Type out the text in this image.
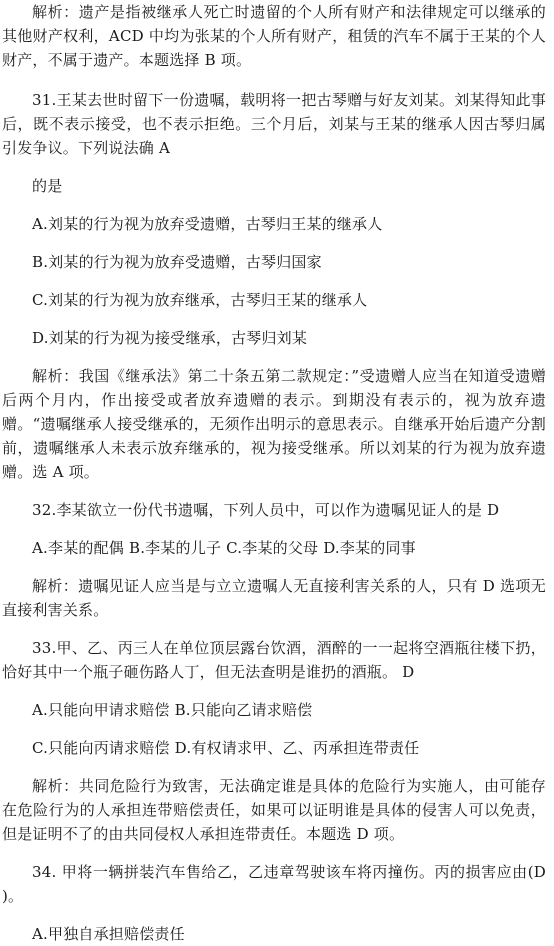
解析：遗产是指被继承人死亡时遗留的个人所有财产和法律规定可以继承的其他财产权利，ACD 中均为张某的个人所有财产，租赁的汽车不属于王某的个人财产，不属于遗产。本题选择 B 项。

31.王某去世时留下一份遗嘱，载明将一把古琴赠与好友刘某。刘某得知此事后，既不表示接受，也不表示拒绝。三个月后，刘某与王某的继承人因古琴归属引发争议。下列说法确 A

的是

A.刘某的行为视为放弃受遗赠，古琴归王某的继承人

B.刘某的行为视为放弃受遗赠，古琴归国家

C.刘某的行为视为放弃继承，古琴归王某的继承人

D.刘某的行为视为接受继承，古琴归刘某

解析：我国《继承法》第二十条五第二款规定：”受遗赠人应当在知道受遗赠后两个月内，作出接受或者放弃遗赠的表示。到期没有表示的，视为放弃遗赠。“遗嘱继承人接受继承的，无须作出明示的意思表示。自继承开始后遗产分割前，遗嘱继承人未表示放弃继承的，视为接受继承。所以刘某的行为视为放弃遗赠。选 A 项。

32.李某欲立一份代书遗嘱，下列人员中，可以作为遗嘱见证人的是 D

A.李某的配偶 B.李某的儿子 C.李某的父母 D.李某的同事

解析：遗嘱见证人应当是与立立遗嘱人无直接利害关系的人，只有 D 选项无直接利害关系。

33.甲、乙、丙三人在单位顶层露台饮酒，酒醉的一一起将空酒瓶往楼下扔，恰好其中一个瓶子砸伤路人丁，但无法查明是谁扔的酒瓶。 D

A.只能向甲请求赔偿 B.只能向乙请求赔偿

C.只能向丙请求赔偿 D.有权请求甲、乙、丙承担连带责任

解析：共同危险行为致害，无法确定谁是具体的危险行为实施人，由可能存在危险行为的人承担连带赔偿责任，如果可以证明谁是具体的侵害人可以免责，但是证明不了的由共同侵权人承担连带责任。本题选 D 项。

34. 甲将一辆拼装汽车售给乙，乙违章驾驶该车将丙撞伤。丙的损害应由(D )。

A.甲独自承担赔偿责任
